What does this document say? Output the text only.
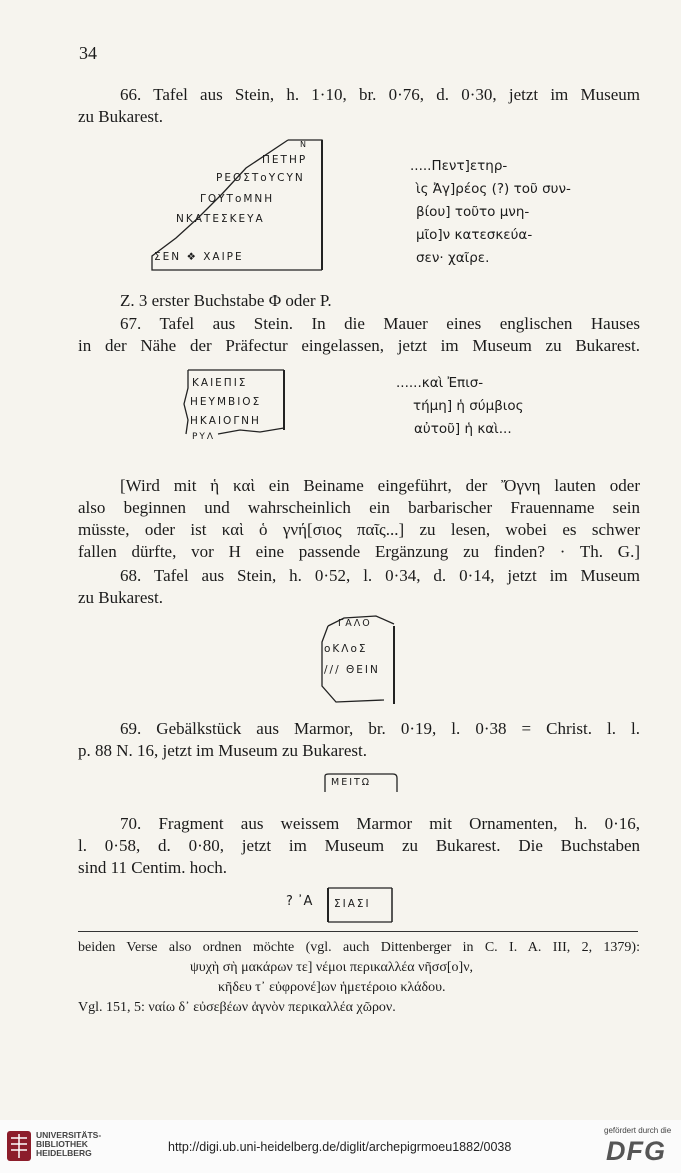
34
66. Tafel aus Stein, h. 1·10, br. 0·76, d. 0·30, jetzt im Museum
zu Bukarest.
N
ΠΕΤΗΡ
ΡΕΟΣΤοΥCΥΝ
ΓΟΥΤοΜΝΗ
ΝΚΑΤΕΣΚΕΥΑ
ΣΕΝ ❖ ΧΑΙΡΕ
.....Πεντ]ετηρ-
ὶς Ἀγ]ρέος (?) τοῦ συν-
βίου] τοῦτο μνη-
μῖο]ν κατεσκεύα-
σεν· χαῖρε.
Z. 3 erster Buchstabe Φ oder P.
67. Tafel aus Stein. In die Mauer eines englischen Hauses
in der Nähe der Präfectur eingelassen, jetzt im Museum zu Bukarest.
ΚΑΙΕΠΙΣ
ΗΕΥΜΒΙΟΣ
ΗΚΑΙΟΓΝΗ
ΡΥΛ
......καὶ Ἐπισ-
τήμη] ἡ σύμβιος
αὐτοῦ] ἡ καὶ...
[Wird mit ἡ καὶ ein Beiname eingeführt, der Ὄγνη lauten oder
also beginnen und wahrscheinlich ein barbarischer Frauenname sein
müsste, oder ist καὶ ὁ γνή[σιος παῖς...] zu lesen, wobei es schwer
fallen dürfte, vor H eine passende Ergänzung zu finden? · Th. G.]
68. Tafel aus Stein, h. 0·52, l. 0·34, d. 0·14, jetzt im Museum
zu Bukarest.
ΓΑΛΟ
οΚΛοΣ
/// ΘΕΙΝ
69. Gebälkstück aus Marmor, br. 0·19, l. 0·38 = Christ. l. l.
p. 88 N. 16, jetzt im Museum zu Bukarest.
ΜΕΙΤΩ
70. Fragment aus weissem Marmor mit Ornamenten, h. 0·16,
l. 0·58, d. 0·80, jetzt im Museum zu Bukarest. Die Buchstaben
sind 11 Centim. hoch.
? ᾿Α ΣΙΑΣΙ
beiden Verse also ordnen möchte (vgl. auch Dittenberger in C. I. A. III, 2, 1379):
ψυχὴ σὴ μακάρων τε] νέμοι περικαλλέα νῆσσ[ο]ν,
κῆδευ τ᾿ εὐφρονέ]ων ἡμετέροιο κλάδου.
Vgl. 151, 5: ναίω δ᾿ εὐσεβέων ἁγνὸν περικαλλέα χῶρον.
UNIVERSITÄTS-
BIBLIOTHEK
HEIDELBERG	http://digi.ub.uni-heidelberg.de/diglit/archepigrmoeu1882/0038
gefördert durch die
DFG
